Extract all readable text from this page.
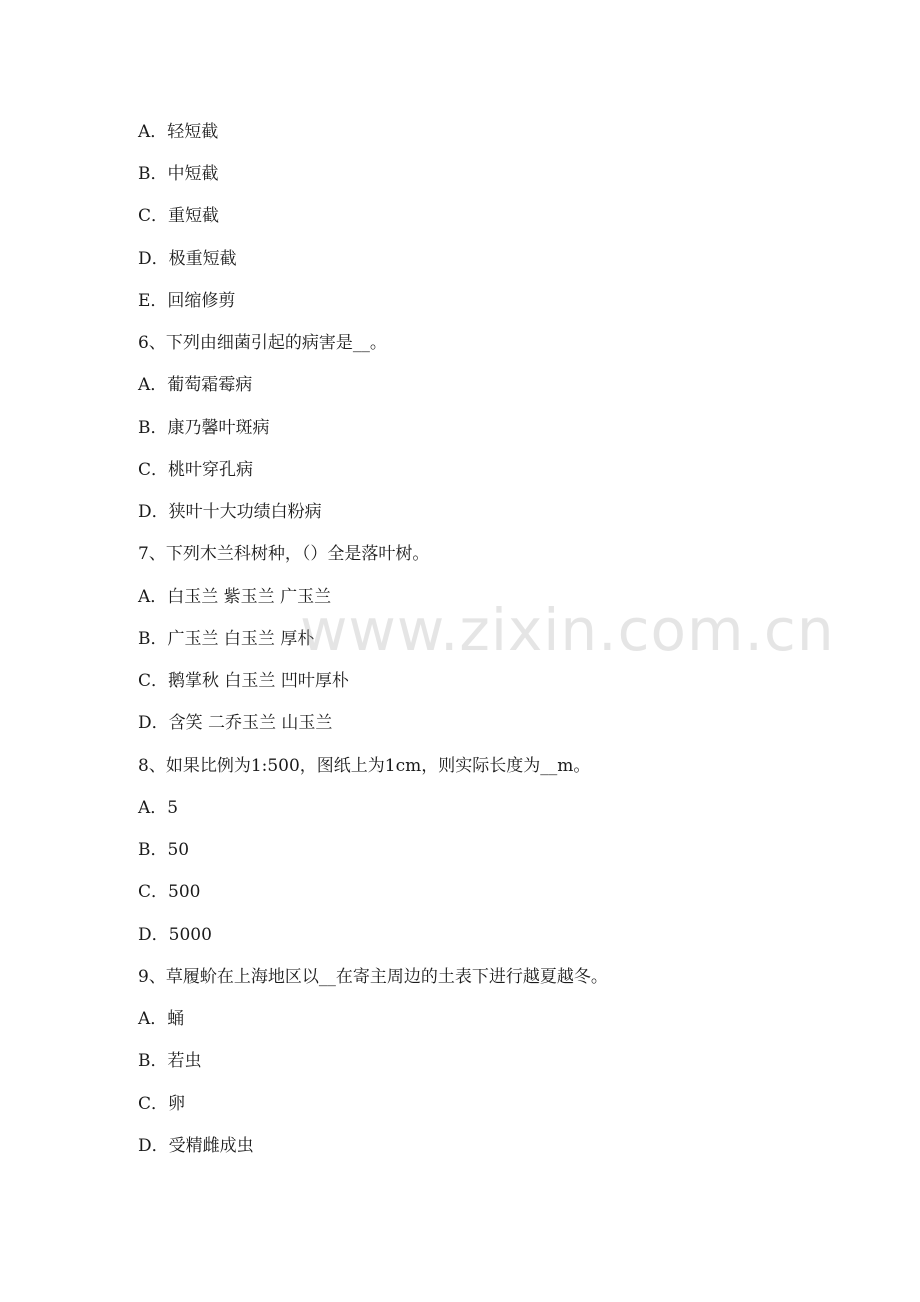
A．轻短截
B．中短截
C．重短截
D．极重短截
E．回缩修剪
6、下列由细菌引起的病害是__。
A．葡萄霜霉病
B．康乃馨叶斑病
C．桃叶穿孔病
D．狭叶十大功绩白粉病
7、下列木兰科树种，（）全是落叶树。
A．白玉兰 紫玉兰 广玉兰
B．广玉兰 白玉兰 厚朴
C．鹅掌秋 白玉兰 凹叶厚朴
D．含笑 二乔玉兰 山玉兰
8、如果比例为1:500，图纸上为1cm，则实际长度为__m。
A．5
B．50
C．500
D．5000
9、草履蚧在上海地区以__在寄主周边的土表下进行越夏越冬。
A．蛹
B．若虫
C．卵
D．受精雌成虫
www.zixin.com.cn
